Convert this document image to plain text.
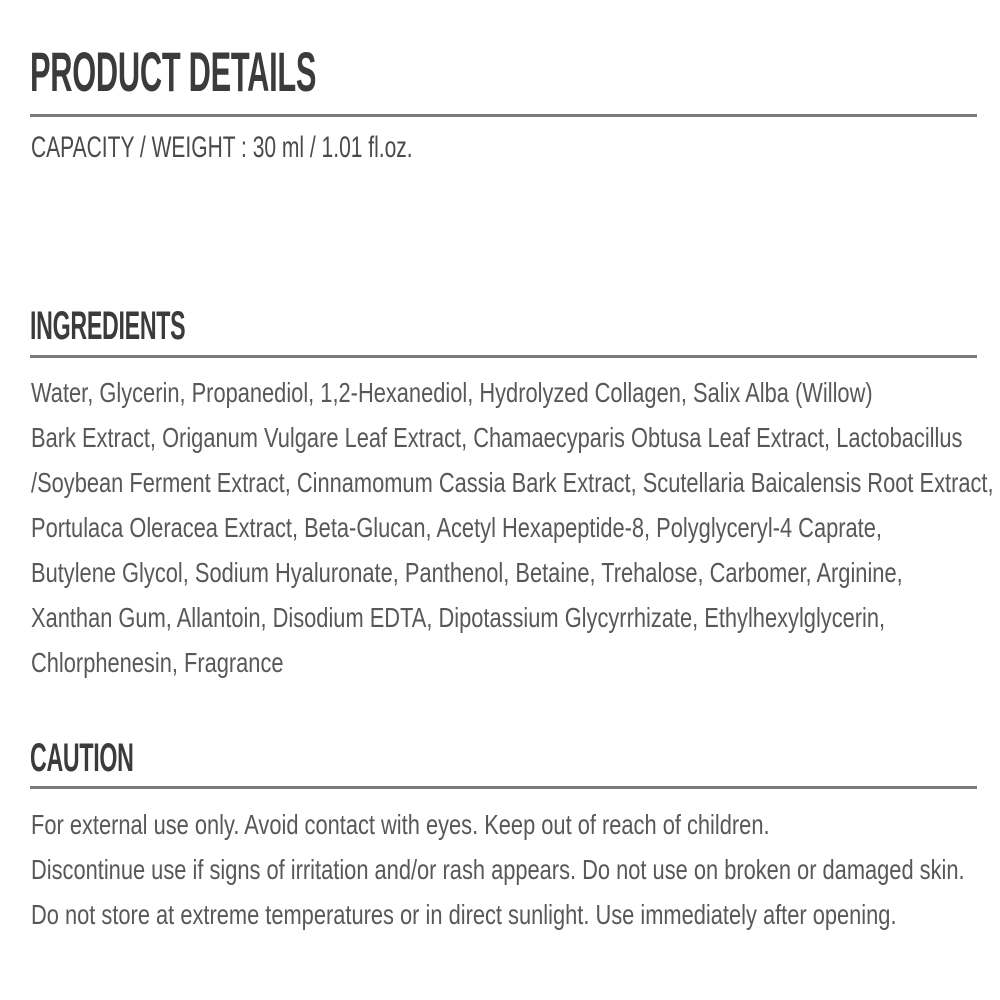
PRODUCT DETAILS

CAPACITY / WEIGHT : 30 ml / 1.01 fl.oz.

INGREDIENTS
Water, Glycerin, Propanediol, 1,2-Hexanediol, Hydrolyzed Collagen, Salix Alba (Willow)
Bark Extract, Origanum Vulgare Leaf Extract, Chamaecyparis Obtusa Leaf Extract, Lactobacillus
/Soybean Ferment Extract, Cinnamomum Cassia Bark Extract, Scutellaria Baicalensis Root Extract,
Portulaca Oleracea Extract, Beta-Glucan, Acetyl Hexapeptide-8, Polyglyceryl-4 Caprate,
Butylene Glycol, Sodium Hyaluronate, Panthenol, Betaine, Trehalose, Carbomer, Arginine,
Xanthan Gum, Allantoin, Disodium EDTA, Dipotassium Glycyrrhizate, Ethylhexylglycerin,
Chlorphenesin, Fragrance
CAUTION
For external use only. Avoid contact with eyes. Keep out of reach of children.
Discontinue use if signs of irritation and/or rash appears. Do not use on broken or damaged skin.
Do not store at extreme temperatures or in direct sunlight. Use immediately after opening.
